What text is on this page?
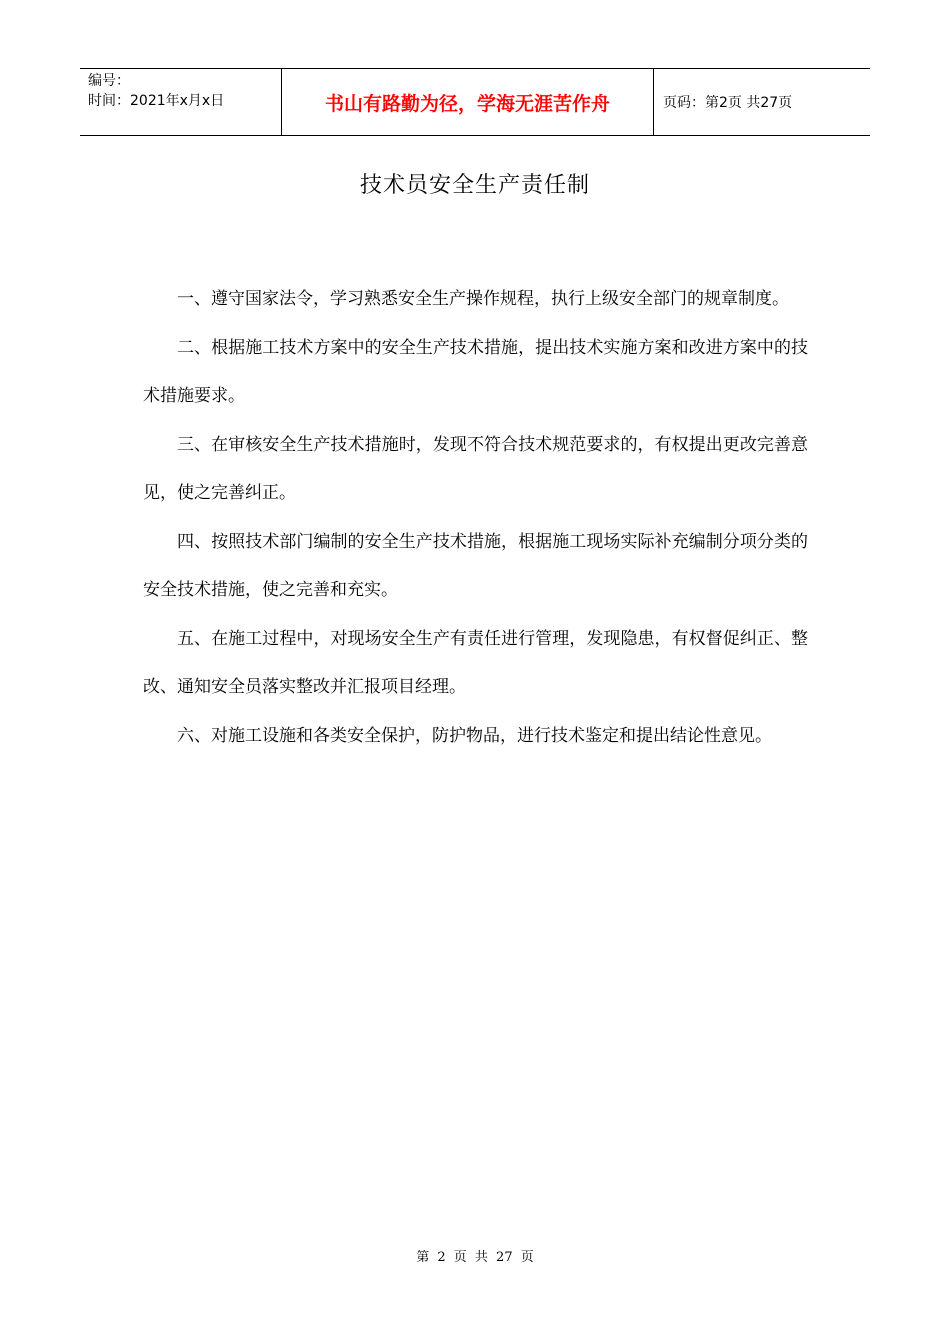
编号：
时间：2021年x月x日	书山有路勤为径，学海无涯苦作舟	页码：第2页 共27页
技术员安全生产责任制

一、遵守国家法令，学习熟悉安全生产操作规程，执行上级安全部门的规章制度。

二、根据施工技术方案中的安全生产技术措施，提出技术实施方案和改进方案中的技术措施要求。

三、在审核安全生产技术措施时，发现不符合技术规范要求的，有权提出更改完善意见，使之完善纠正。

四、按照技术部门编制的安全生产技术措施，根据施工现场实际补充编制分项分类的安全技术措施，使之完善和充实。

五、在施工过程中，对现场安全生产有责任进行管理，发现隐患，有权督促纠正、整改、通知安全员落实整改并汇报项目经理。

六、对施工设施和各类安全保护，防护物品，进行技术鉴定和提出结论性意见。

第 2 页 共 27 页
